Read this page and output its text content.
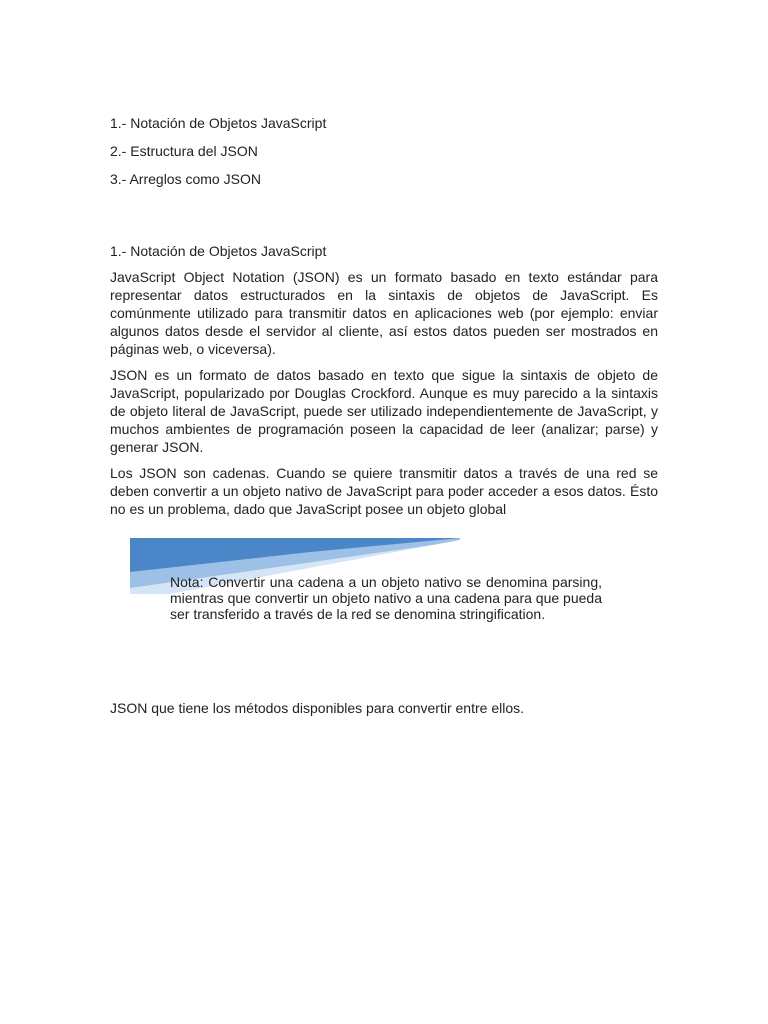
1.- Notación de Objetos JavaScript

2.- Estructura del JSON

3.- Arreglos como JSON

1.- Notación de Objetos JavaScript

JavaScript Object Notation (JSON) es un formato basado en texto estándar para representar datos estructurados en la sintaxis de objetos de JavaScript. Es comúnmente utilizado para transmitir datos en aplicaciones web (por ejemplo: enviar algunos datos desde el servidor al cliente, así estos datos pueden ser mostrados en páginas web, o viceversa).

JSON es un formato de datos basado en texto que sigue la sintaxis de objeto de JavaScript, popularizado por Douglas Crockford. Aunque es muy parecido a la sintaxis de objeto literal de JavaScript, puede ser utilizado independientemente de JavaScript, y muchos ambientes de programación poseen la capacidad de leer (analizar; parse) y generar JSON.

Los JSON son cadenas. Cuando se quiere transmitir datos a través de una red se deben convertir a un objeto nativo de JavaScript para poder acceder a esos datos. Ésto no es un problema, dado que JavaScript posee un objeto global

Nota: Convertir una cadena a un objeto nativo se denomina parsing, mientras que convertir un objeto nativo a una cadena para que pueda ser transferido a través de la red se denomina stringification.

JSON que tiene los métodos disponibles para convertir entre ellos.
